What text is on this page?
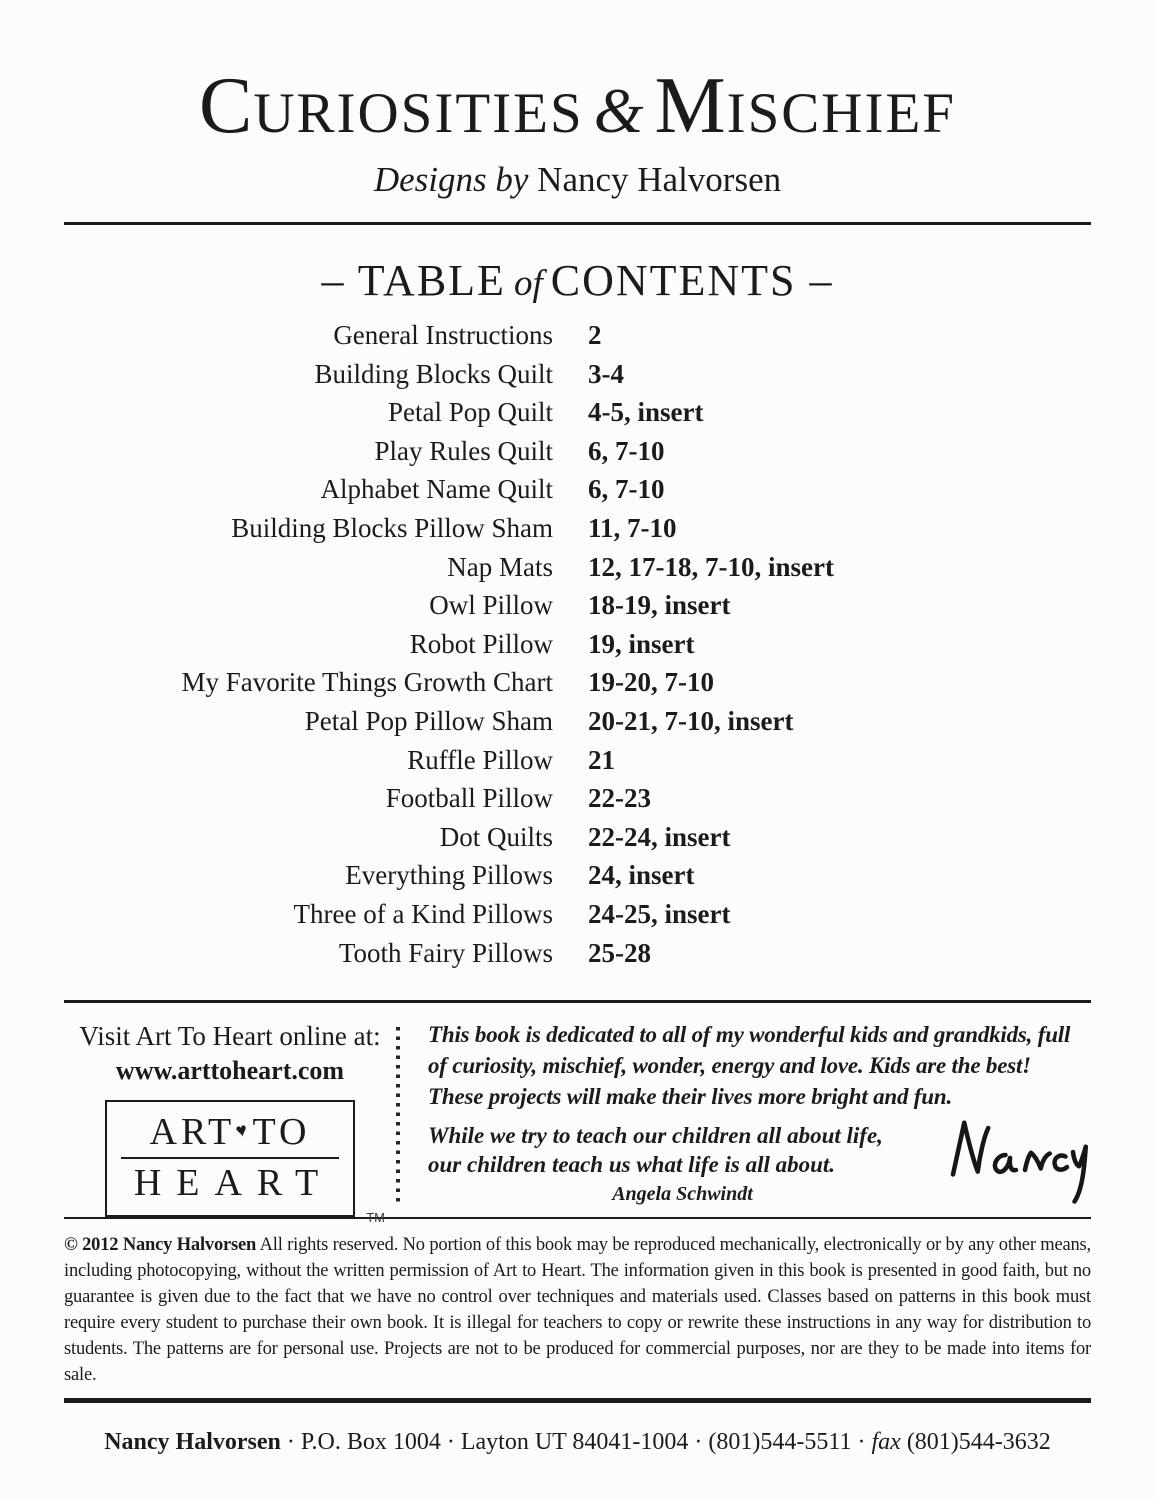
CURIOSITIES & MISCHIEF
Designs by Nancy Halvorsen
– TABLE of CONTENTS –
General Instructions 2
Building Blocks Quilt 3-4
Petal Pop Quilt 4-5, insert
Play Rules Quilt 6, 7-10
Alphabet Name Quilt 6, 7-10
Building Blocks Pillow Sham 11, 7-10
Nap Mats 12, 17-18, 7-10, insert
Owl Pillow 18-19, insert
Robot Pillow 19, insert
My Favorite Things Growth Chart 19-20, 7-10
Petal Pop Pillow Sham 20-21, 7-10, insert
Ruffle Pillow 21
Football Pillow 22-23
Dot Quilts 22-24, insert
Everything Pillows 24, insert
Three of a Kind Pillows 24-25, insert
Tooth Fairy Pillows 25-28
Visit Art To Heart online at:
www.arttoheart.com
ART♥TO
HEART
TM

This book is dedicated to all of my wonderful kids and grandkids, full of curiosity, mischief, wonder, energy and love. Kids are the best! These projects will make their lives more bright and fun.

While we try to teach our children all about life,
our children teach us what life is all about.
Angela Schwindt

© 2012 Nancy Halvorsen All rights reserved. No portion of this book may be reproduced mechanically, electronically or by any other means, including photocopying, without the written permission of Art to Heart. The information given in this book is presented in good faith, but no guarantee is given due to the fact that we have no control over techniques and materials used. Classes based on patterns in this book must require every student to purchase their own book. It is illegal for teachers to copy or rewrite these instructions in any way for distribution to students. The patterns are for personal use. Projects are not to be produced for commercial purposes, nor are they to be made into items for sale.

Nancy Halvorsen · P.O. Box 1004 · Layton UT 84041-1004 · (801)544-5511 · fax (801)544-3632
